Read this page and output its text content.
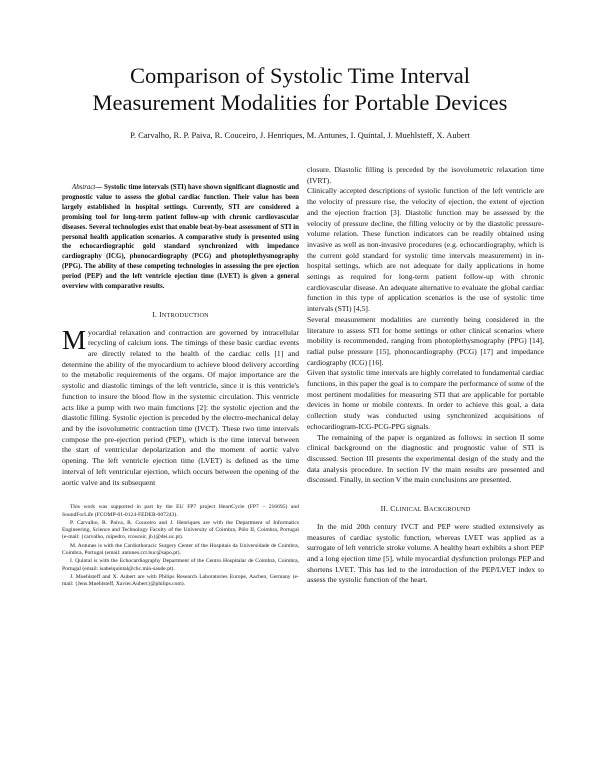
Comparison of Systolic Time Interval
Measurement Modalities for Portable Devices
P. Carvalho, R. P. Paiva, R. Couceiro, J. Henriques, M. Antunes, I. Quintal, J. Muehlsteff, X. Aubert

Abstract— Systolic time intervals (STI) have shown significant diagnostic and prognostic value to assess the global cardiac function. Their value has been largely established in hospital settings. Currently, STI are considered a promising tool for long-term patient follow-up with chronic cardiovascular diseases. Several technologies exist that enable beat-by-beat assessment of STI in personal health application scenarios. A comparative study is presented using the echocardiographic gold standard synchronized with impedance cardiography (ICG), phonocardiography (PCG) and photoplethysmography (PPG). The ability of these competing technologies in assessing the pre ejection period (PEP) and the left ventricle ejection time (LVET) is given a general overview with comparative results.

I. INTRODUCTION

Myocardial relaxation and contraction are governed by intracellular recycling of calcium ions. The timings of these basic cardiac events are directly related to the health of the cardiac cells [1] and determine the ability of the myocardium to achieve blood delivery according to the metabolic requirements of the organs. Of major importance are the systolic and diastolic timings of the left ventricle, since it is this ventricle's function to insure the blood flow in the systemic circulation. This ventricle acts like a pump with two main functions [2]: the systolic ejection and the diastolic filling. Systolic ejection is preceded by the electro-mechanical delay and by the isovolumetric contraction time (IVCT). These two time intervals compose the pre-ejection period (PEP), which is the time interval between the start of ventricular depolarization and the moment of aortic valve opening. The left ventricle ejection time (LVET) is defined as the time interval of left ventricular ejection, which occurs between the opening of the aortic valve and its subsequent

This work was supported in part by the EU FP7 project HeartCycle (FP7 – 216695) and SoundForLife (FCOMP-01-0124-FEDER-007243).

P. Carvalho, R. Paiva, R. Couceiro and J. Henriques are with the Department of Informatics Engineering, Science and Technology Faculty of the University of Coimbra, Pólo II, Coimbra, Portugal (e-mail: {carvalho, ruipedro, rcouceir, jh}@dei.uc.pt).

M. Antunes is with the Cardiothoracic Surgery Center of the Hospitais da Universidade de Coimbra, Coimbra, Portugal (email: antunes.cct.huc@sapo.pt).

I. Quintal is with the Echocardiography Department of the Centro Hospitalar de Coimbra, Coimbra, Portugal (email: isabelquintal@chc.min-saude.pt).

J. Muehlsteff and X. Aubert are with Philips Research Laboratories Europe, Aachen, Germany (e-mail: {Jens.Muehlsteff, Xavier.Aubert}@philips.com).

closure. Diastolic filling is preceded by the isovolumetric relaxation time (IVRT).

Clinically accepted descriptions of systolic function of the left ventricle are the velocity of pressure rise, the velocity of ejection, the extent of ejection and the ejection fraction [3]. Diastolic function may be assessed by the velocity of pressure decline, the filling velocity or by the diastolic pressure-volume relation. These function indicators can be readily obtained using invasive as well as non-invasive procedures (e.g. echocardiography, which is the current gold standard for systolic time intervals measurement) in in-hospital settings, which are not adequate for daily applications in home settings as required for long-term patient follow-up with chronic cardiovascular disease. An adequate alternative to evaluate the global cardiac function in this type of application scenarios is the use of systolic time intervals (STI) [4,5].

Several measurement modalities are currently being considered in the literature to assess STI for home settings or other clinical scenarios where mobility is recommended, ranging from photoplethysmography (PPG) [14], radial pulse pressure [15], phonocardiography (PCG) [17] and impedance cardiography (ICG) [16].

Given that systolic time intervals are highly correlated to fundamental cardiac functions, in this paper the goal is to compare the performance of some of the most pertinent modalities for measuring STI that are applicable for portable devices in home or mobile contexts. In order to achieve this goal, a data collection study was conducted using synchronized acquisitions of echocardiogram-ICG-PCG-PPG signals.

The remaining of the paper is organized as follows: in section II some clinical background on the diagnostic and prognostic value of STI is discussed. Section III presents the experimental design of the study and the data analysis procedure. In section IV the main results are presented and discussed. Finally, in section V the main conclusions are presented.

II. CLINICAL BACKGROUND

In the mid 20th century IVCT and PEP were studied extensively as measures of cardiac systolic function, whereas LVET was applied as a surrogate of left ventricle stroke volume. A healthy heart exhibits a short PEP and a long ejection time [5], while myocardial dysfunction prolongs PEP and shortens LVET. This has led to the introduction of the PEP/LVET index to assess the systolic function of the heart.
